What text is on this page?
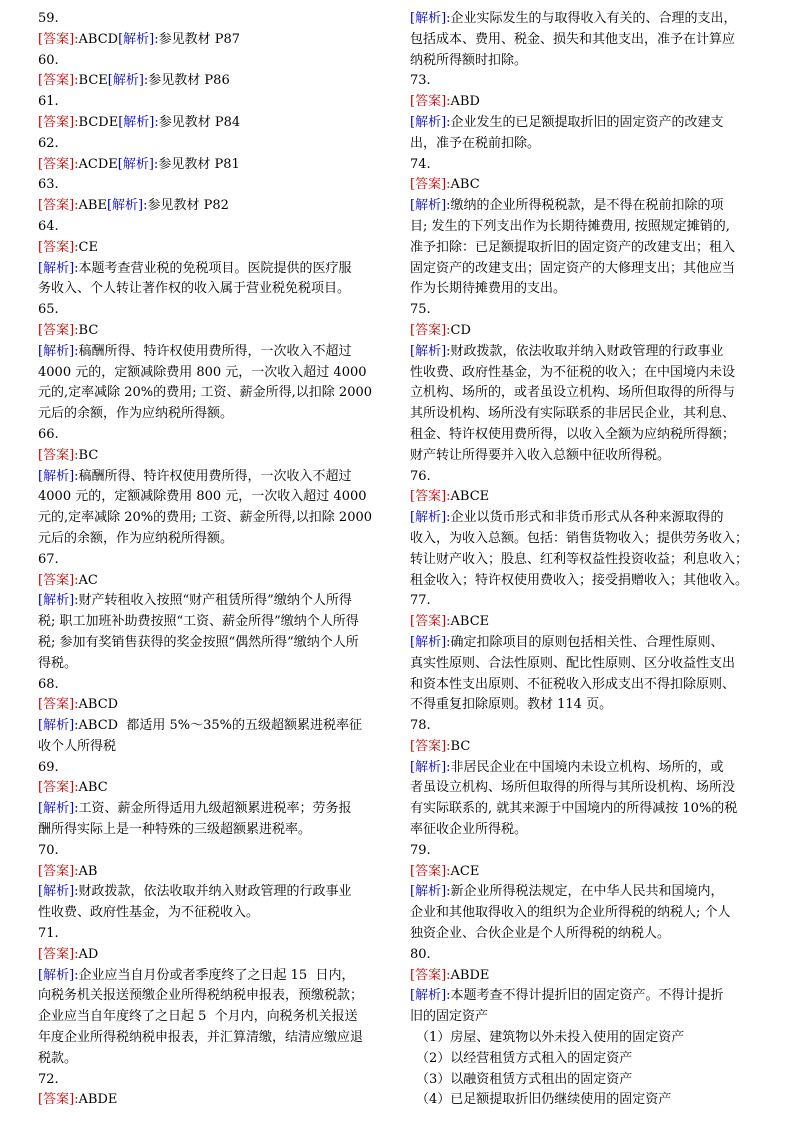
59.
[答案]:ABCD[解析]:参见教材 P87
60.
[答案]:BCE[解析]:参见教材 P86
61.
[答案]:BCDE[解析]:参见教材 P84
62.
[答案]:ACDE[解析]:参见教材 P81
63.
[答案]:ABE[解析]:参见教材 P82
64.
[答案]:CE
[解析]:本题考查营业税的免税项目。医院提供的医疗服
务收入、个人转让著作权的收入属于营业税免税项目。
65.
[答案]:BC
[解析]:稿酬所得、特许权使用费所得，一次收入不超过
4000 元的，定额减除费用 800 元，一次收入超过 4000
元的,定率减除 20%的费用; 工资、薪金所得,以扣除 2000
元后的余额，作为应纳税所得额。
66.
[答案]:BC
[解析]:稿酬所得、特许权使用费所得，一次收入不超过
4000 元的，定额减除费用 800 元，一次收入超过 4000
元的,定率减除 20%的费用; 工资、薪金所得,以扣除 2000
元后的余额，作为应纳税所得额。
67.
[答案]:AC
[解析]:财产转租收入按照“财产租赁所得”缴纳个人所得
税; 职工加班补助费按照“工资、薪金所得”缴纳个人所得
税; 参加有奖销售获得的奖金按照“偶然所得”缴纳个人所
得税。
68.
[答案]:ABCD
[解析]:ABCD  都适用 5%～35%的五级超额累进税率征
收个人所得税
69.
[答案]:ABC
[解析]:工资、薪金所得适用九级超额累进税率；劳务报
酬所得实际上是一种特殊的三级超额累进税率。
70.
[答案]:AB
[解析]:财政拨款，依法收取并纳入财政管理的行政事业
性收费、政府性基金，为不征税收入。
71.
[答案]:AD
[解析]:企业应当自月份或者季度终了之日起 15  日内，
向税务机关报送预缴企业所得税纳税申报表，预缴税款；
企业应当自年度终了之日起 5  个月内，向税务机关报送
年度企业所得税纳税申报表，并汇算清缴，结清应缴应退
税款。
72.
[答案]:ABDE
[解析]:企业实际发生的与取得收入有关的、合理的支出，
包括成本、费用、税金、损失和其他支出，准予在计算应
纳税所得额时扣除。
73.
[答案]:ABD
[解析]:企业发生的已足额提取折旧的固定资产的改建支
出，准予在税前扣除。
74.
[答案]:ABC
[解析]:缴纳的企业所得税税款，是不得在税前扣除的项
目; 发生的下列支出作为长期待摊费用, 按照规定摊销的,
准予扣除：已足额提取折旧的固定资产的改建支出；租入
固定资产的改建支出；固定资产的大修理支出；其他应当
作为长期待摊费用的支出。
75.
[答案]:CD
[解析]:财政拨款，依法收取并纳入财政管理的行政事业
性收费、政府性基金，为不征税的收入；在中国境内未设
立机构、场所的，或者虽设立机构、场所但取得的所得与
其所设机构、场所没有实际联系的非居民企业，其利息、
租金、特许权使用费所得，以收入全额为应纳税所得额；
财产转让所得要并入收入总额中征收所得税。
76.
[答案]:ABCE
[解析]:企业以货币形式和非货币形式从各种来源取得的
收入，为收入总额。包括：销售货物收入；提供劳务收入；
转让财产收入；股息、红利等权益性投资收益；利息收入；
租金收入；特许权使用费收入；接受捐赠收入；其他收入。
77.
[答案]:ABCE
[解析]:确定扣除项目的原则包括相关性、合理性原则、
真实性原则、合法性原则、配比性原则、区分收益性支出
和资本性支出原则、不征税收入形成支出不得扣除原则、
不得重复扣除原则。教材 114 页。
78.
[答案]:BC
[解析]:非居民企业在中国境内未设立机构、场所的，或
者虽设立机构、场所但取得的所得与其所设机构、场所没
有实际联系的, 就其来源于中国境内的所得减按 10%的税
率征收企业所得税。
79.
[答案]:ACE
[解析]:新企业所得税法规定，在中华人民共和国境内，
企业和其他取得收入的组织为企业所得税的纳税人; 个人
独资企业、合伙企业是个人所得税的纳税人。
80.
[答案]:ABDE
[解析]:本题考查不得计提折旧的固定资产。不得计提折
旧的固定资产
（1）房屋、建筑物以外未投入使用的固定资产
（2）以经营租赁方式租入的固定资产
（3）以融资租赁方式租出的固定资产
（4）已足额提取折旧仍继续使用的固定资产
